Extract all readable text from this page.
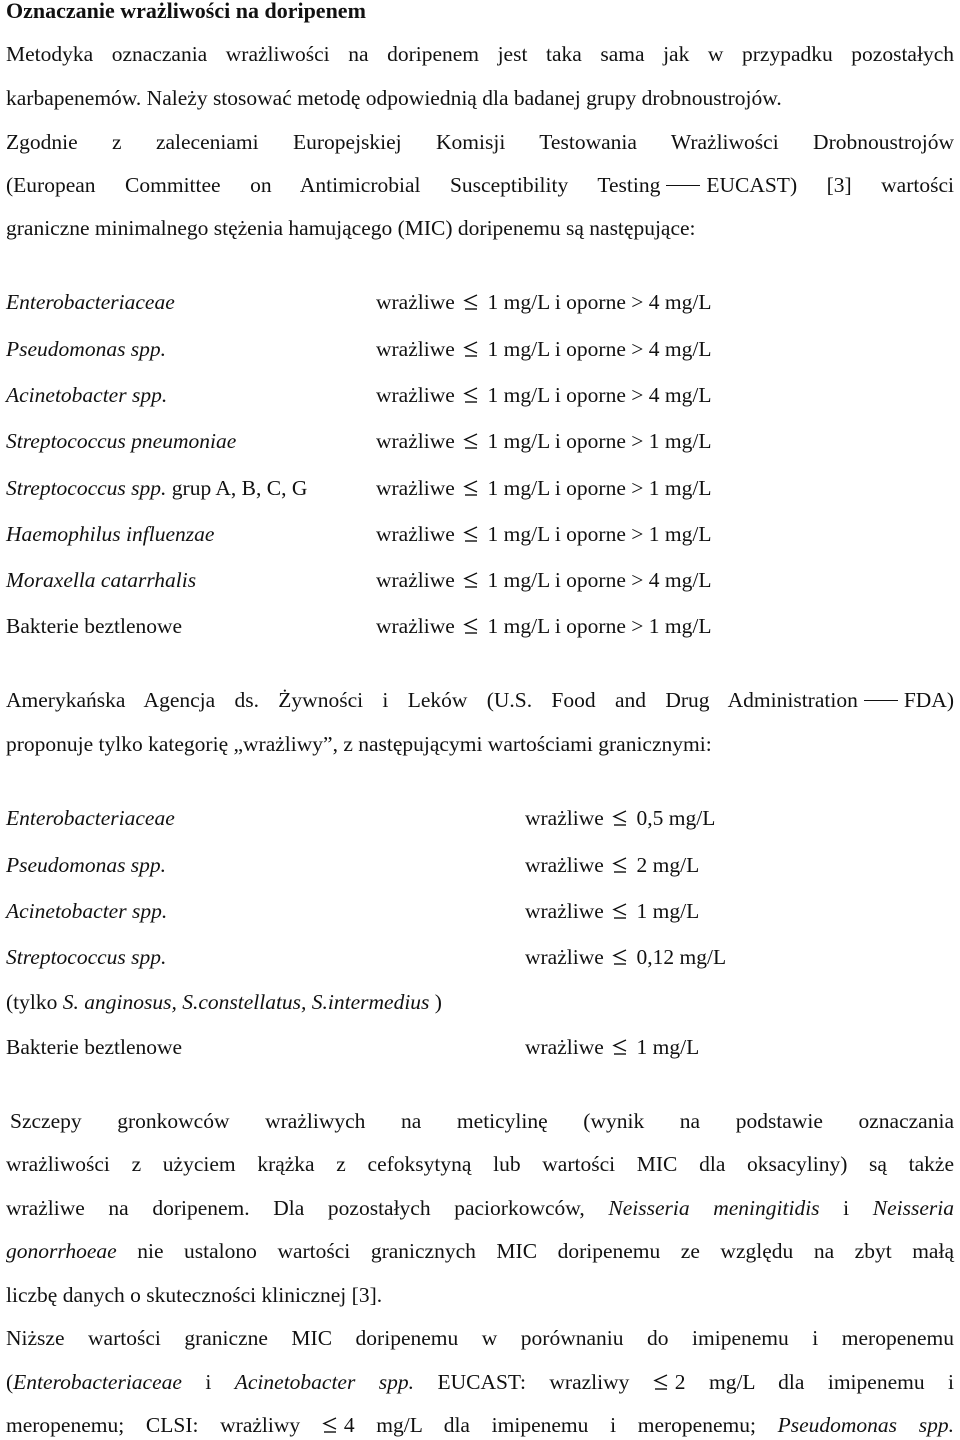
Oznaczanie wrażliwości na doripenem
Metodyka oznaczania wrażliwości na doripenem jest taka sama jak w przypadku pozostałych
karbapenemów. Należy stosować metodę odpowiednią dla badanej grupy drobnoustrojów.
Zgodnie z zaleceniami Europejskiej Komisji Testowania Wrażliwości Drobnoustrojów
(European Committee on Antimicrobial Susceptibility Testing EUCAST) [3] wartości
graniczne minimalnego stężenia hamującego (MIC) doripenemu są następujące:
Enterobacteriaceae	wrażliwe 1 mg/L i oporne > 4 mg/L
Pseudomonas spp.	wrażliwe 1 mg/L i oporne > 4 mg/L
Acinetobacter spp.	wrażliwe 1 mg/L i oporne > 4 mg/L
Streptococcus pneumoniae	wrażliwe 1 mg/L i oporne > 1 mg/L
Streptococcus spp. grup A, B, C, G	wrażliwe 1 mg/L i oporne > 1 mg/L
Haemophilus influenzae	wrażliwe 1 mg/L i oporne > 1 mg/L
Moraxella catarrhalis	wrażliwe 1 mg/L i oporne > 4 mg/L
Bakterie beztlenowe	wrażliwe 1 mg/L i oporne > 1 mg/L
Amerykańska Agencja ds. Żywności i Leków (U.S. Food and Drug Administration FDA)
proponuje tylko kategorię „wrażliwy”, z następującymi wartościami granicznymi:
Enterobacteriaceae	wrażliwe 0,5 mg/L
Pseudomonas spp.	wrażliwe 2 mg/L
Acinetobacter spp.	wrażliwe 1 mg/L
Streptococcus spp.	wrażliwe 0,12 mg/L
(tylko S. anginosus, S.constellatus, S.intermedius )
Bakterie beztlenowe	wrażliwe 1 mg/L
Szczepy gronkowców wrażliwych na meticylinę (wynik na podstawie oznaczania
wrażliwości z użyciem krążka z cefoksytyną lub wartości MIC dla oksacyliny) są także
wrażliwe na doripenem. Dla pozostałych paciorkowców, Neisseria meningitidis i Neisseria
gonorrhoeae nie ustalono wartości granicznych MIC doripenemu ze względu na zbyt małą
liczbę danych o skuteczności klinicznej [3].
Niższe wartości graniczne MIC doripenemu w porównaniu do imipenemu i meropenemu
(Enterobacteriaceae i Acinetobacter spp. EUCAST: wrazliwy 2 mg/L dla imipenemu i
meropenemu; CLSI: wrażliwy 4 mg/L dla imipenemu i meropenemu; Pseudomonas spp.
